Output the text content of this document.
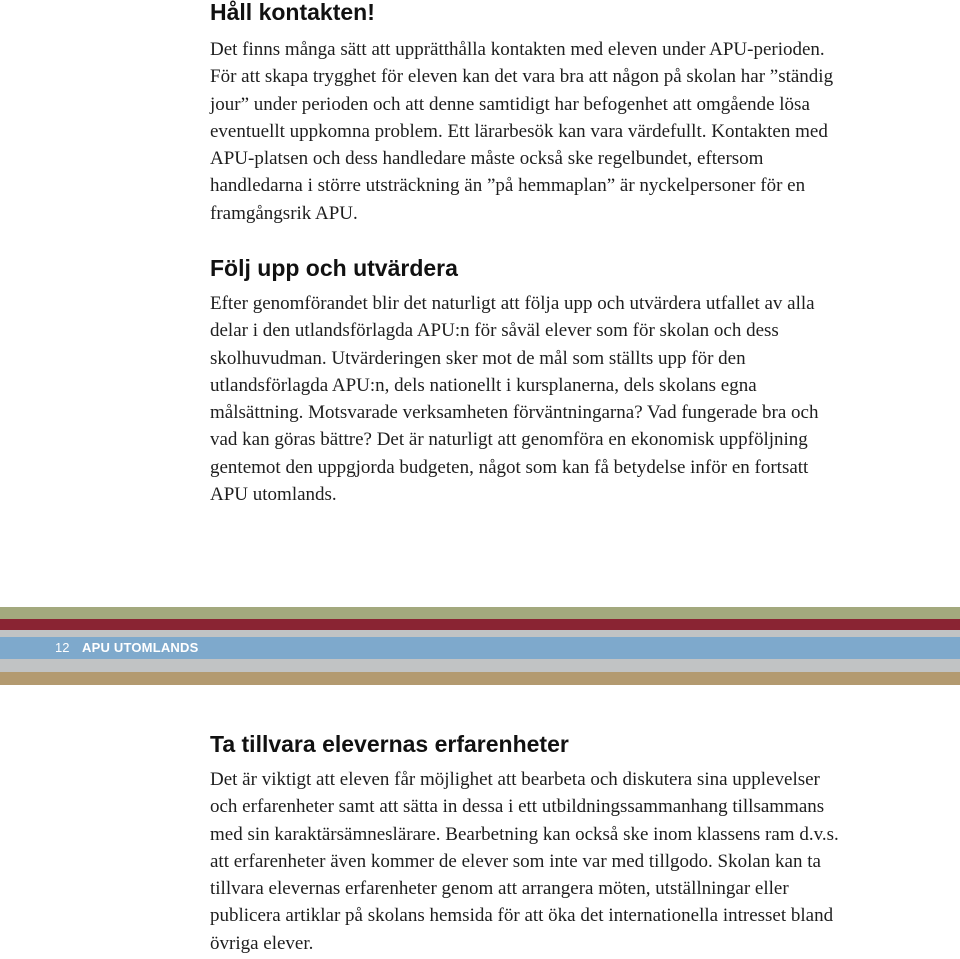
Håll kontakten!

Det finns många sätt att upprätthålla kontakten med eleven under APU-perioden. För att skapa trygghet för eleven kan det vara bra att någon på skolan har ”ständig jour” under perioden och att denne samtidigt har befogenhet att omgående lösa eventuellt uppkomna problem. Ett lärarbesök kan vara värdefullt. Kontakten med APU-platsen och dess handledare måste också ske regelbundet, eftersom handledarna i större utsträckning än ”på hemmaplan” är nyckelpersoner för en framgångsrik APU.

Följ upp och utvärdera

Efter genomförandet blir det naturligt att följa upp och utvärdera utfallet av alla delar i den utlandsförlagda APU:n för såväl elever som för skolan och dess skolhuvudman. Utvärderingen sker mot de mål som ställts upp för den utlandsförlagda APU:n, dels nationellt i kursplanerna, dels skolans egna målsättning. Motsvarade verksamheten förväntningarna? Vad fungerade bra och vad kan göras bättre? Det är naturligt att genomföra en ekonomisk uppföljning gentemot den uppgjorda budgeten, något som kan få betydelse inför en fortsatt APU utomlands.

12 APU UTOMLANDS
Ta tillvara elevernas erfarenheter

Det är viktigt att eleven får möjlighet att bearbeta och diskutera sina upplevelser och erfarenheter samt att sätta in dessa i ett utbildningssammanhang tillsammans med sin karaktärsämneslärare. Bearbetning kan också ske inom klassens ram d.v.s. att erfarenheter även kommer de elever som inte var med tillgodo. Skolan kan ta tillvara elevernas erfarenheter genom att arrangera möten, utställningar eller publicera artiklar på skolans hemsida för att öka det internationella intresset bland övriga elever.
